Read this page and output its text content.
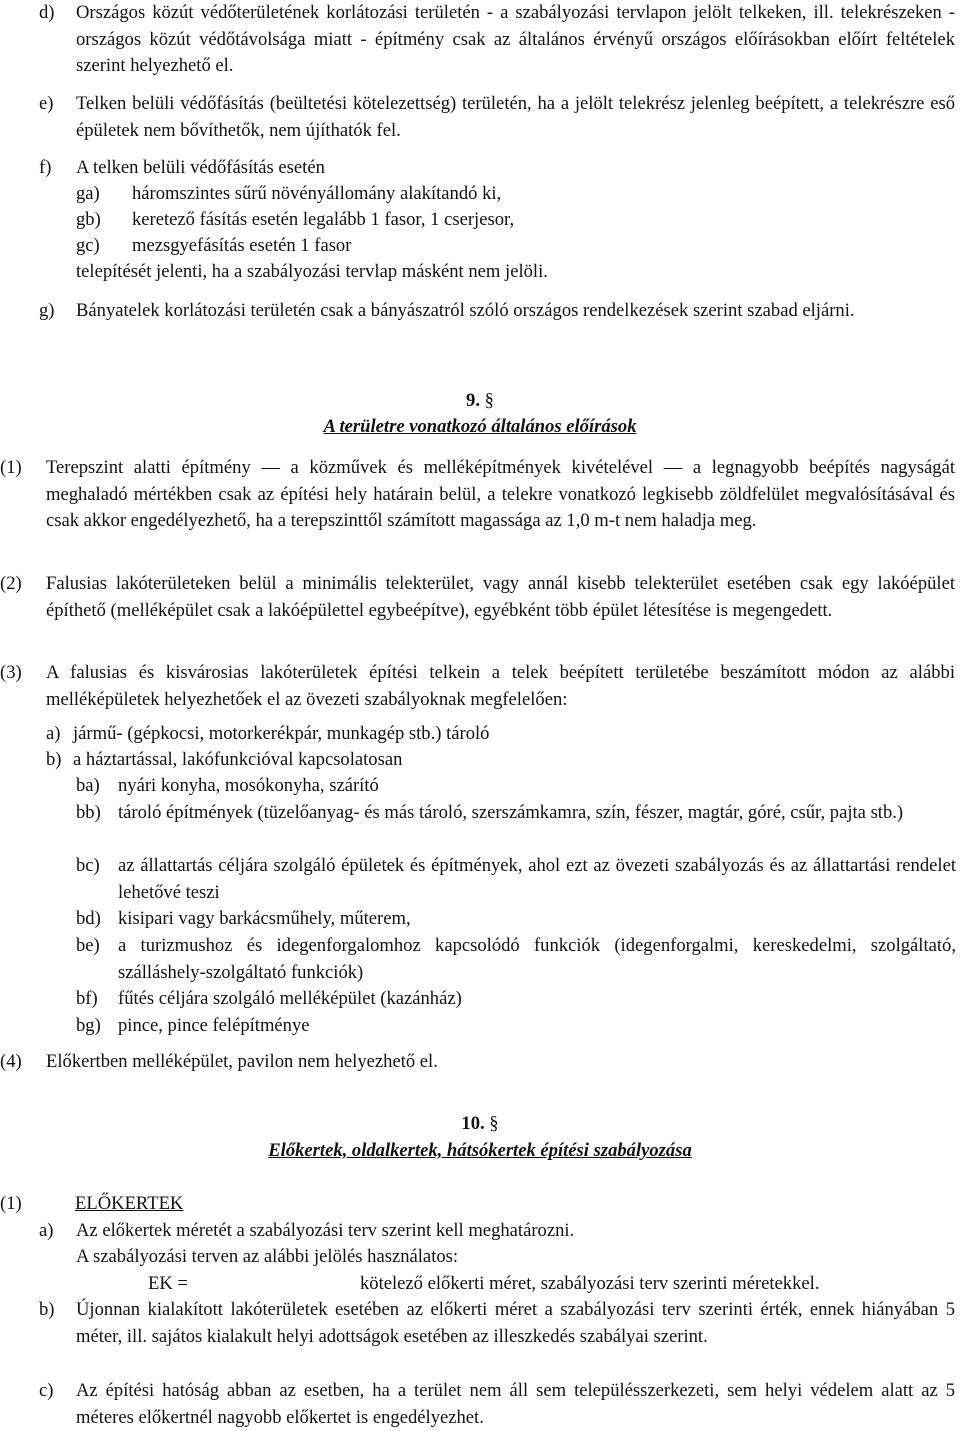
d)	Országos közút védőterületének korlátozási területén - a szabályozási tervlapon jelölt telkeken, ill. telekrészeken - országos közút védőtávolsága miatt - építmény csak az általános érvényű országos előírásokban előírt feltételek szerint helyezhető el.
e)	Telken belüli védőfásítás (beültetési kötelezettség) területén, ha a jelölt telekrész jelenleg beépített, a telekrészre eső épületek nem bővíthetők, nem újíthatók fel.
f)	A telken belüli védőfásítás esetén
ga)	háromszintes sűrű növényállomány alakítandó ki,
gb)	keretező fásítás esetén legalább 1 fasor, 1 cserjesor,
gc)	mezsgyefásítás esetén 1 fasor
telepítését jelenti, ha a szabályozási tervlap másként nem jelöli.
g)	Bányatelek korlátozási területén csak a bányászatról szóló országos rendelkezések szerint szabad eljárni.
9. §
A területre vonatkozó általános előírások
(1)	Terepszint alatti építmény — a közművek és melléképítmények kivételével — a legnagyobb beépítés nagyságát meghaladó mértékben csak az építési hely határain belül, a telekre vonatkozó legkisebb zöldfelület megvalósításával és csak akkor engedélyezhető, ha a terepszinttől számított magassága az 1,0 m-t nem haladja meg.
(2)	Falusias lakóterületeken belül a minimális telekterület, vagy annál kisebb telekterület esetében csak egy lakóépület építhető (melléképület csak a lakóépülettel egybeépítve), egyébként több épület létesítése is megengedett.
(3)	A falusias és kisvárosias lakóterületek építési telkein a telek beépített területébe beszámított módon az alábbi melléképületek helyezhetőek el az övezeti szabályoknak megfelelően:
a) jármű- (gépkocsi, motorkerékpár, munkagép stb.) tároló
b) a háztartással, lakófunkcióval kapcsolatosan
ba) nyári konyha, mosókonyha, szárító
bb) tároló építmények (tüzelőanyag- és más tároló, szerszámkamra, szín, fészer, magtár, góré, csűr, pajta stb.)
bc) az állattartás céljára szolgáló épületek és építmények, ahol ezt az övezeti szabályozás és az állattartási rendelet lehetővé teszi
bd) kisipari vagy barkácsműhely, műterem,
be) a turizmushoz és idegenforgalomhoz kapcsolódó funkciók (idegenforgalmi, kereskedelmi, szolgáltató, szálláshely-szolgáltató funkciók)
bf)	fűtés céljára szolgáló melléképület (kazánház)
bg) pince, pince felépítménye
(4)	Előkertben melléképület, pavilon nem helyezhető el.
10. §
Előkertek, oldalkertek, hátsókertek építési szabályozása
(1)	ELŐKERTEK
a)	Az előkertek méretét a szabályozási terv szerint kell meghatározni.
A szabályozási terven az alábbi jelölés használatos:
EK =	kötelező előkerti méret, szabályozási terv szerinti méretekkel.
b)	Újonnan kialakított lakóterületek esetében az előkerti méret a szabályozási terv szerinti érték, ennek hiányában 5 méter, ill. sajátos kialakult helyi adottságok esetében az illeszkedés szabályai szerint.
c)	Az építési hatóság abban az esetben, ha a terület nem áll sem településszerkezeti, sem helyi védelem alatt az 5 méteres előkertnél nagyobb előkertet is engedélyezhet.
